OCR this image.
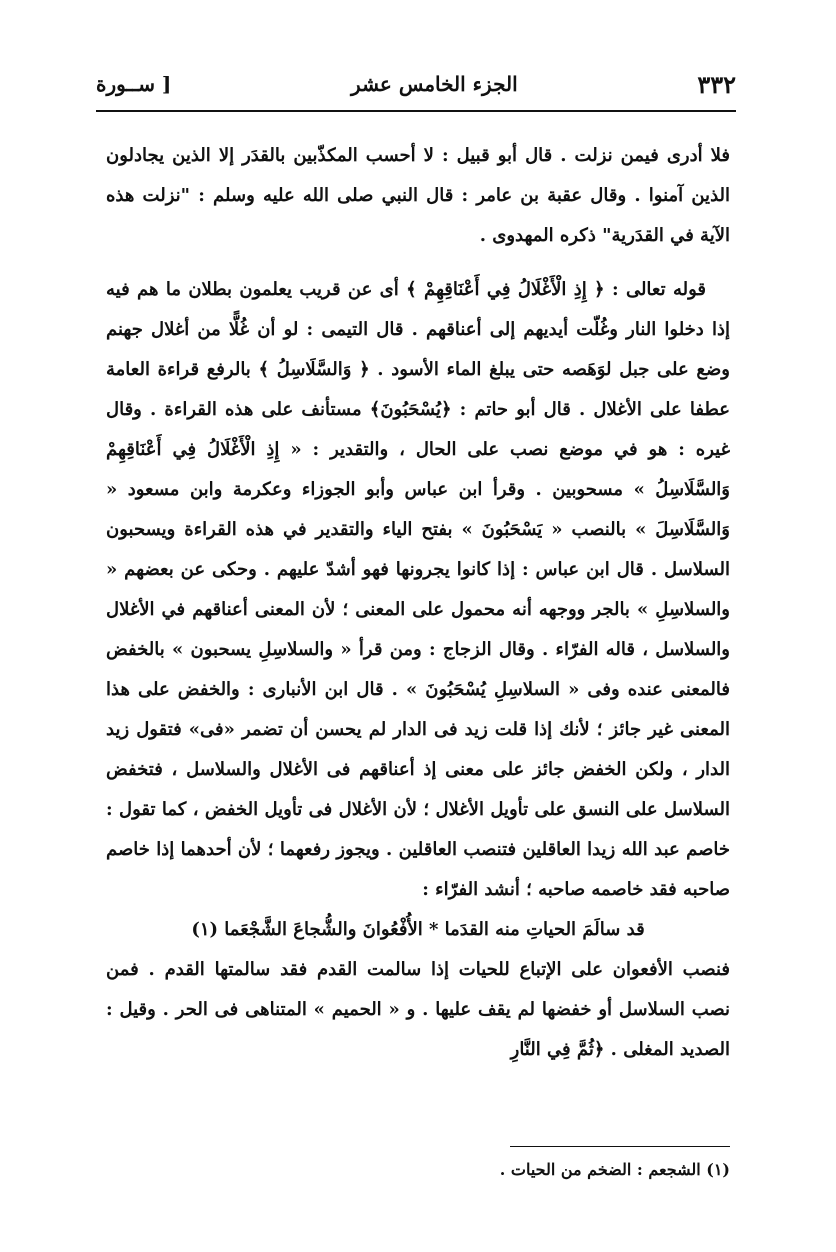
٣٣٢
الجزء الخامس عشر
[ ســورة

فلا أدرى فيمن نزلت . قال أبو قبيل : لا أحسب المكذّبين بالقدَر إلا الذين يجادلون الذين آمنوا . وقال عقبة بن عامر : قال النبي صلى الله عليه وسلم : "نزلت هذه الآية في القدَرية" ذكره المهدوى .

قوله تعالى : ﴿ إِذِ الْأَغْلَالُ فِي أَعْنَاقِهِمْ ﴾ أى عن قريب يعلمون بطلان ما هم فيه إذا دخلوا النار وغُلّت أيديهم إلى أعناقهم . قال التيمى : لو أن غُلًّا من أغلال جهنم وضع على جبل لوَهَصه حتى يبلغ الماء الأسود . ﴿ وَالسَّلَاسِلُ ﴾ بالرفع قراءة العامة عطفا على الأغلال . قال أبو حاتم : ﴿يُسْحَبُونَ﴾ مستأنف على هذه القراءة . وقال غيره : هو في موضع نصب على الحال ، والتقدير : « إِذِ الْأَغْلَالُ فِي أَعْنَاقِهِمْ وَالسَّلَاسِلُ » مسحوبين . وقرأ ابن عباس وأبو الجوزاء وعكرمة وابن مسعود « وَالسَّلَاسِلَ » بالنصب « يَسْحَبُونَ » بفتح الياء والتقدير في هذه القراءة ويسحبون السلاسل . قال ابن عباس : إذا كانوا يجرونها فهو أشدّ عليهم . وحكى عن بعضهم « والسلاسِلِ » بالجر ووجهه أنه محمول على المعنى ؛ لأن المعنى أعناقهم في الأغلال والسلاسل ، قاله الفرّاء . وقال الزجاج : ومن قرأ « والسلاسِلِ يسحبون » بالخفض فالمعنى عنده وفى « السلاسِلِ يُسْحَبُونَ » . قال ابن الأنبارى : والخفض على هذا المعنى غير جائز ؛ لأنك إذا قلت زيد فى الدار لم يحسن أن تضمر «فى» فتقول زيد الدار ، ولكن الخفض جائز على معنى إذ أعناقهم فى الأغلال والسلاسل ، فتخفض السلاسل على النسق على تأويل الأغلال ؛ لأن الأغلال فى تأويل الخفض ، كما تقول : خاصم عبد الله زيدا العاقلين فتنصب العاقلين . ويجوز رفعهما ؛ لأن أحدهما إذا خاصم صاحبه فقد خاصمه صاحبه ؛ أنشد الفرّاء :

قد سالَمَ الحياتِ منه القدَما * الأُفْعُوانَ والشُّجاعَ الشَّجْعَما (١)

فنصب الأفعوان على الإتباع للحيات إذا سالمت القدم فقد سالمتها القدم . فمن نصب السلاسل أو خفضها لم يقف عليها . و « الحميم » المتناهى فى الحر . وقيل : الصديد المغلى . ﴿ثُمَّ فِي النَّارِ

(١) الشجعم : الضخم من الحيات .
